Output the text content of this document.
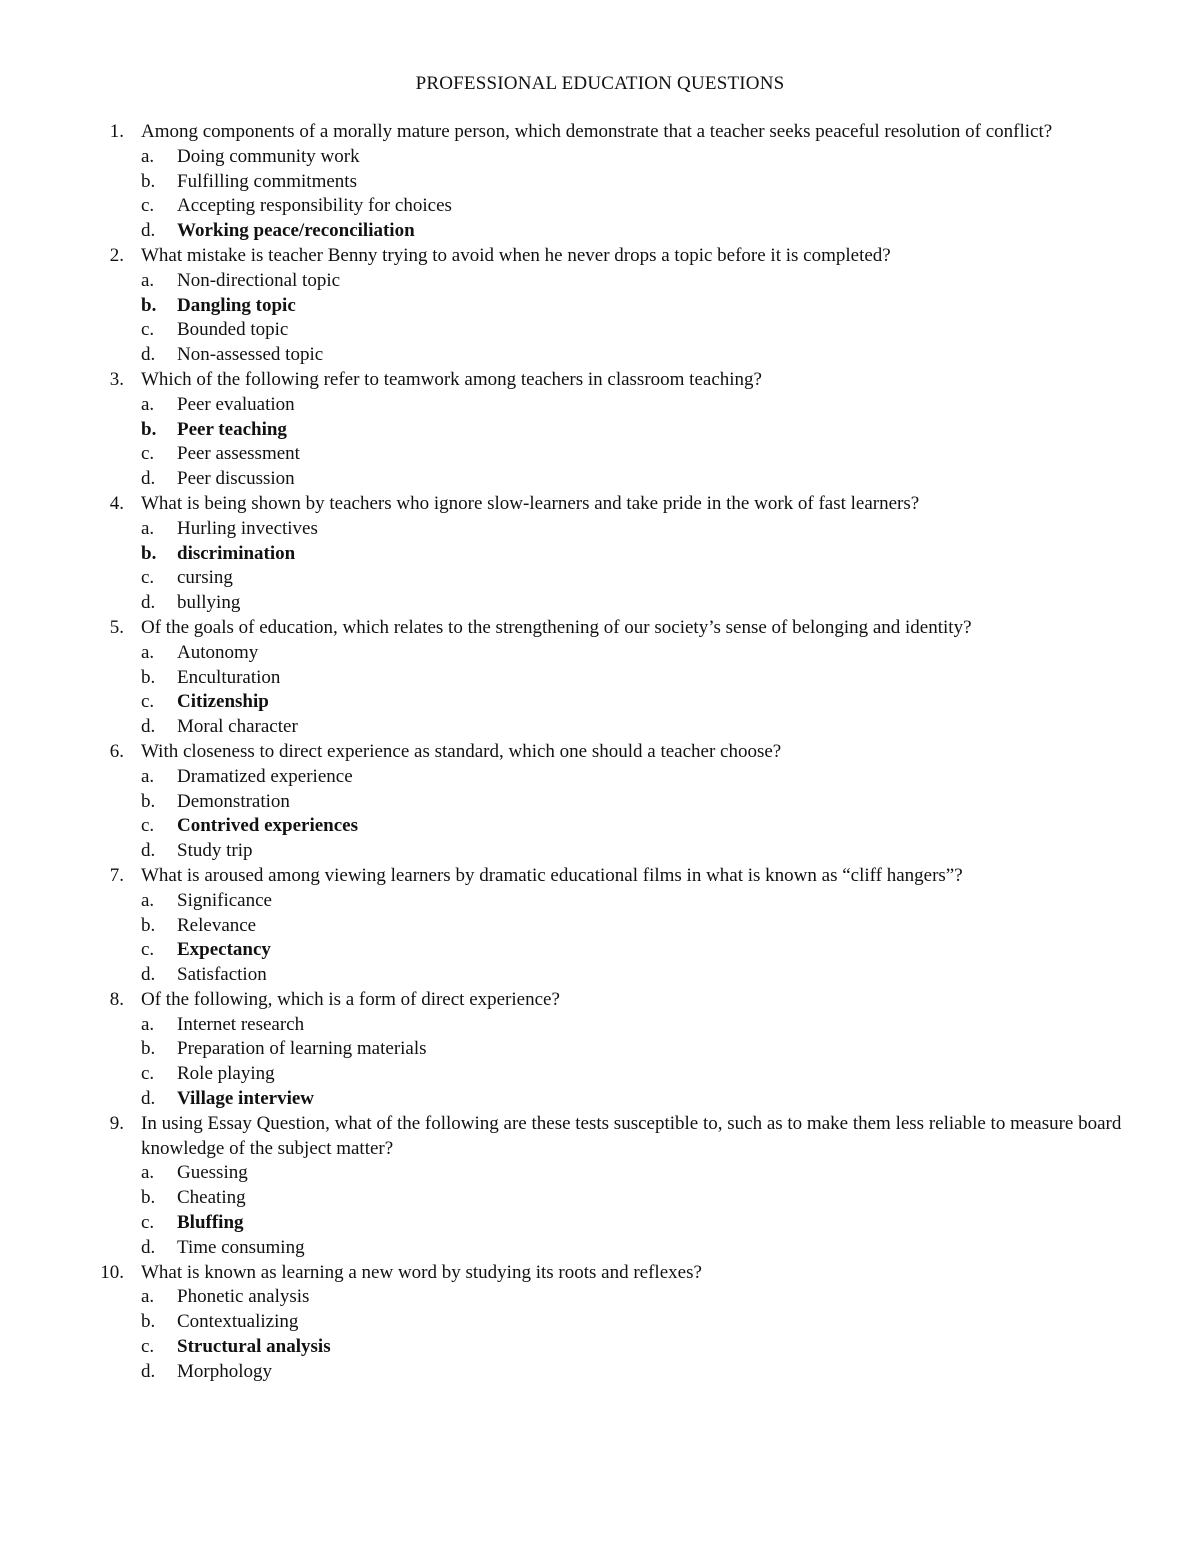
PROFESSIONAL EDUCATION QUESTIONS
1. Among components of a morally mature person, which demonstrate that a teacher seeks peaceful resolution of conflict?
a. Doing community work
b. Fulfilling commitments
c. Accepting responsibility for choices
d. Working peace/reconciliation
2. What mistake is teacher Benny trying to avoid when he never drops a topic before it is completed?
a. Non-directional topic
b. Dangling topic
c. Bounded topic
d. Non-assessed topic
3. Which of the following refer to teamwork among teachers in classroom teaching?
a. Peer evaluation
b. Peer teaching
c. Peer assessment
d. Peer discussion
4. What is being shown by teachers who ignore slow-learners and take pride in the work of fast learners?
a. Hurling invectives
b. discrimination
c. cursing
d. bullying
5. Of the goals of education, which relates to the strengthening of our society’s sense of belonging and identity?
a. Autonomy
b. Enculturation
c. Citizenship
d. Moral character
6. With closeness to direct experience as standard, which one should a teacher choose?
a. Dramatized experience
b. Demonstration
c. Contrived experiences
d. Study trip
7. What is aroused among viewing learners by dramatic educational films in what is known as “cliff hangers”?
a. Significance
b. Relevance
c. Expectancy
d. Satisfaction
8. Of the following, which is a form of direct experience?
a. Internet research
b. Preparation of learning materials
c. Role playing
d. Village interview
9. In using Essay Question, what of the following are these tests susceptible to, such as to make them less reliable to measure board knowledge of the subject matter?
a. Guessing
b. Cheating
c. Bluffing
d. Time consuming
10. What is known as learning a new word by studying its roots and reflexes?
a. Phonetic analysis
b. Contextualizing
c. Structural analysis
d. Morphology
